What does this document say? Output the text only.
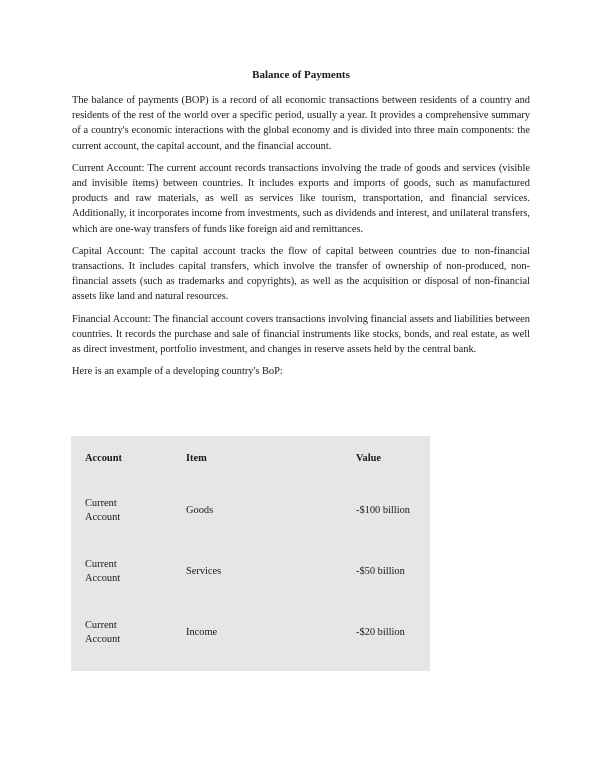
Balance of Payments

The balance of payments (BOP) is a record of all economic transactions between residents of a country and residents of the rest of the world over a specific period, usually a year. It provides a comprehensive summary of a country's economic interactions with the global economy and is divided into three main components: the current account, the capital account, and the financial account.

Current Account: The current account records transactions involving the trade of goods and services (visible and invisible items) between countries. It includes exports and imports of goods, such as manufactured products and raw materials, as well as services like tourism, transportation, and financial services. Additionally, it incorporates income from investments, such as dividends and interest, and unilateral transfers, which are one-way transfers of funds like foreign aid and remittances.

Capital Account: The capital account tracks the flow of capital between countries due to non-financial transactions. It includes capital transfers, which involve the transfer of ownership of non-produced, non-financial assets (such as trademarks and copyrights), as well as the acquisition or disposal of non-financial assets like land and natural resources.

Financial Account: The financial account covers transactions involving financial assets and liabilities between countries. It records the purchase and sale of financial instruments like stocks, bonds, and real estate, as well as direct investment, portfolio investment, and changes in reserve assets held by the central bank.

Here is an example of a developing country's BoP:

Account	Item	Value

Current Account	Goods	-$100 billion

Current Account	Services	-$50 billion

Current Account	Income	-$20 billion
